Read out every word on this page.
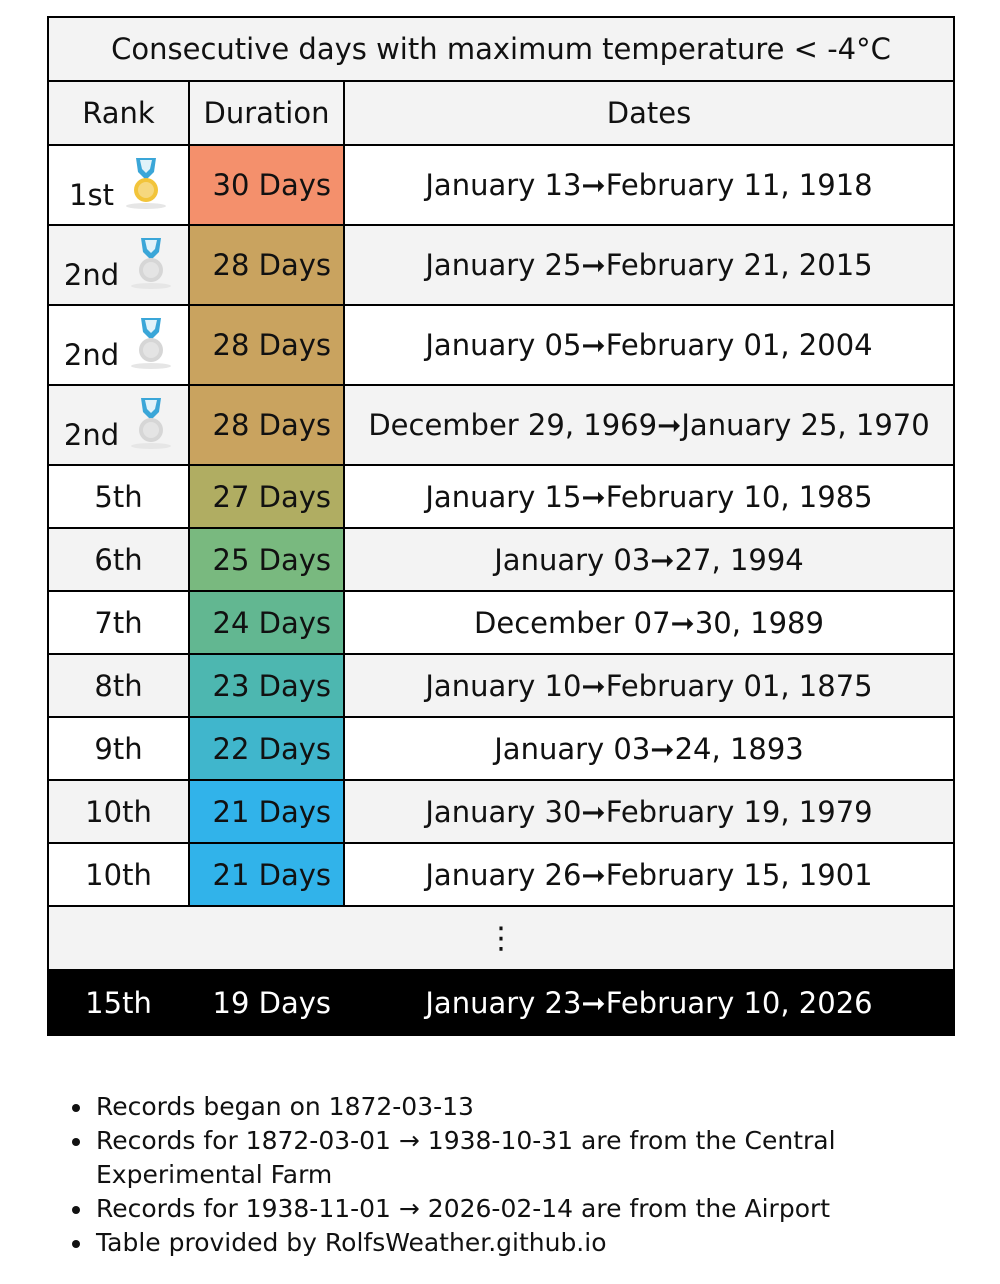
Consecutive days with maximum temperature < -4°C		
Rank	Duration	Dates

1st	30 Days	January 13➞February 11, 1918

2nd	28 Days	January 25➞February 21, 2015

2nd	28 Days	January 05➞February 01, 2004

2nd	28 Days	December 29, 1969➞January 25, 1970
5th	27 Days	January 15➞February 10, 1985
6th	25 Days	January 03➞27, 1994
7th	24 Days	December 07➞30, 1989
8th	23 Days	January 10➞February 01, 1875
9th	22 Days	January 03➞24, 1893
10th	21 Days	January 30➞February 19, 1979
10th	21 Days	January 26➞February 15, 1901
⋮		
15th	19 Days	January 23➞February 10, 2026
Records began on 1872-03-13
Records for 1872-03-01 → 1938-10-31 are from the Central Experimental Farm
Records for 1938-11-01 → 2026-02-14 are from the Airport
Table provided by RolfsWeather.github.io
